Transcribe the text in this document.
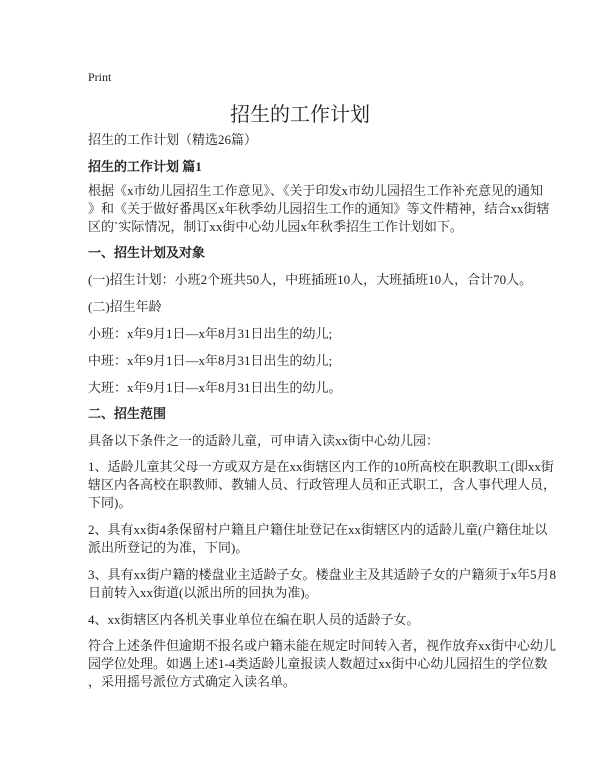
Print
招生的工作计划
招生的工作计划（精选26篇）
招生的工作计划 篇1
根据《x市幼儿园招生工作意见》、《关于印发x市幼儿园招生工作补充意见的通知
》和《关于做好番禺区x年秋季幼儿园招生工作的通知》等文件精神，结合xx街辖
区的`实际情况，制订xx街中心幼儿园x年秋季招生工作计划如下。
一、招生计划及对象
(一)招生计划：小班2个班共50人，中班插班10人，大班插班10人，合计70人。
(二)招生年龄
小班：x年9月1日—x年8月31日出生的幼儿;
中班：x年9月1日—x年8月31日出生的幼儿;
大班：x年9月1日—x年8月31日出生的幼儿。
二、招生范围
具备以下条件之一的适龄儿童，可申请入读xx街中心幼儿园：
1、适龄儿童其父母一方或双方是在xx街辖区内工作的10所高校在职教职工(即xx街
辖区内各高校在职教师、教辅人员、行政管理人员和正式职工，含人事代理人员，
下同)。
2、具有xx街4条保留村户籍且户籍住址登记在xx街辖区内的适龄儿童(户籍住址以
派出所登记的为准，下同)。
3、具有xx街户籍的楼盘业主适龄子女。楼盘业主及其适龄子女的户籍须于x年5月8
日前转入xx街道(以派出所的回执为准)。
4、xx街辖区内各机关事业单位在编在职人员的适龄子女。
符合上述条件但逾期不报名或户籍未能在规定时间转入者，视作放弃xx街中心幼儿
园学位处理。如遇上述1-4类适龄儿童报读人数超过xx街中心幼儿园招生的学位数
，采用摇号派位方式确定入读名单。
